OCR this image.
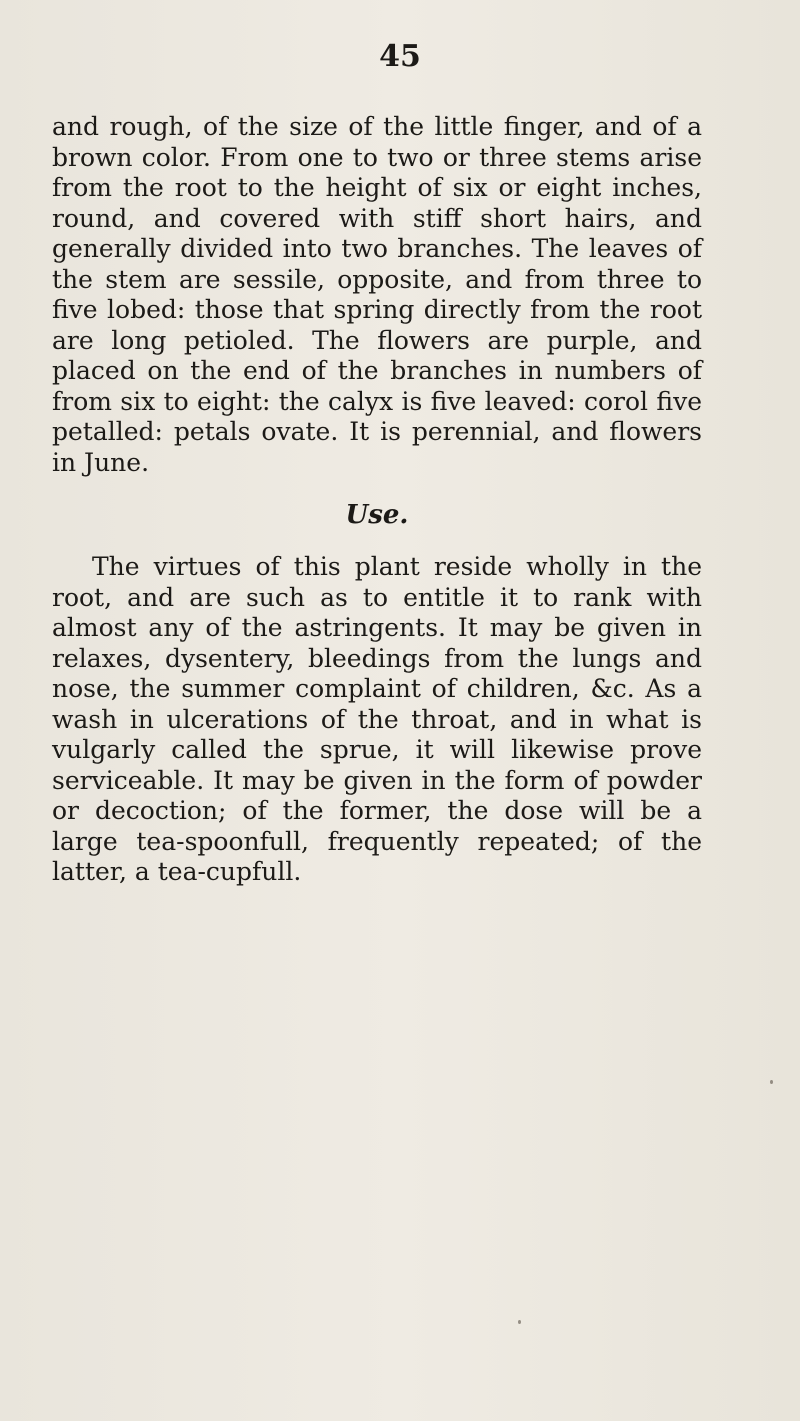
45

and rough, of the size of the little finger, and of a brown color. From one to two or three stems arise from the root to the height of six or eight inches, round, and covered with stiff short hairs, and generally divided into two branches. The leaves of the stem are sessile, opposite, and from three to five lobed: those that spring directly from the root are long petioled. The flowers are purple, and placed on the end of the branches in numbers of from six to eight: the calyx is five leaved: corol five petalled: petals ovate. It is perennial, and flowers in June.

Use.

The virtues of this plant reside wholly in the root, and are such as to entitle it to rank with almost any of the astringents. It may be given in relaxes, dysentery, bleedings from the lungs and nose, the summer complaint of children, &c. As a wash in ulcerations of the throat, and in what is vulgarly called the sprue, it will likewise prove serviceable. It may be given in the form of powder or decoction; of the former, the dose will be a large tea-spoonfull, frequently repeated; of the latter, a tea-cupfull.
